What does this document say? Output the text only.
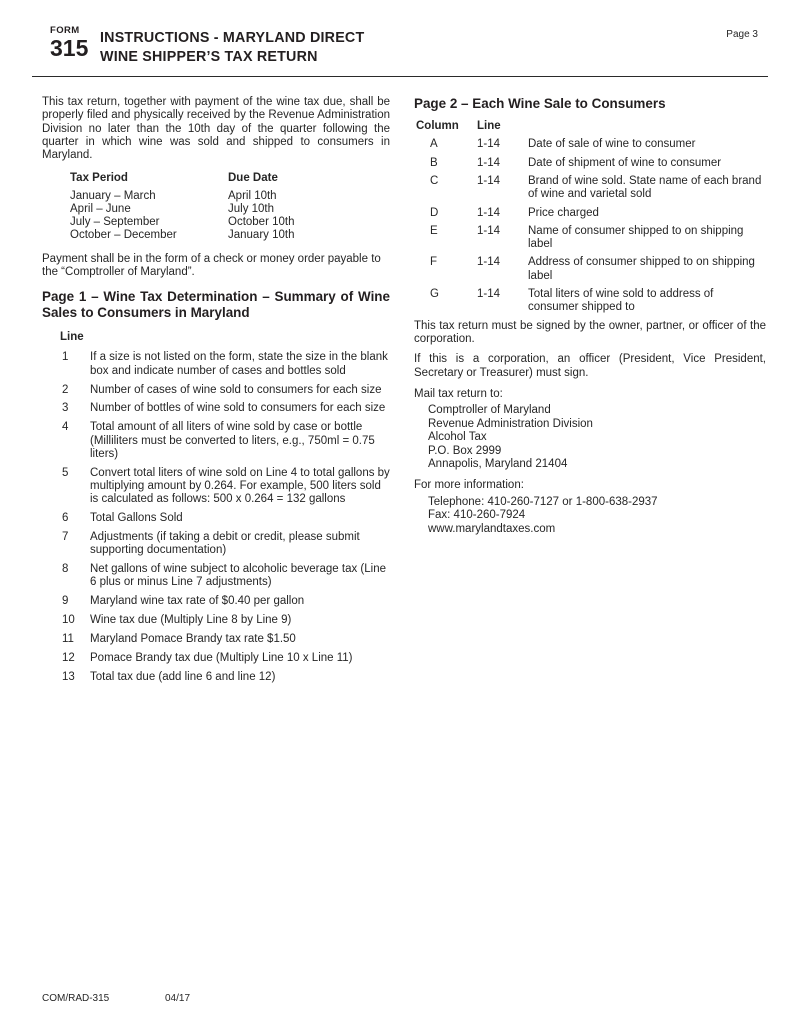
FORM
315 INSTRUCTIONS - MARYLAND DIRECT
WINE SHIPPER’S TAX RETURN
Page 3

This tax return, together with payment of the wine tax due, shall be properly filed and physically received by the Revenue Administration Division no later than the 10th day of the quarter following the quarter in which wine was sold and shipped to consumers in Maryland.

Tax Period	Due Date
January – March	April 10th
April – June	July 10th
July – September	October 10th
October – December	January 10th

Payment shall be in the form of a check or money order payable to the “Comptroller of Maryland”.

Page 1 – Wine Tax Determination – Summary of Wine Sales to Consumers in Maryland
Line
1	If a size is not listed on the form, state the size in the blank box and indicate number of cases and bottles sold
2	Number of cases of wine sold to consumers for each size
3	Number of bottles of wine sold to consumers for each size
4	Total amount of all liters of wine sold by case or bottle (Milliliters must be converted to liters, e.g., 750ml = 0.75 liters)
5	Convert total liters of wine sold on Line 4 to total gallons by multiplying amount by 0.264. For example, 500 liters sold is calculated as follows: 500 x 0.264 = 132 gallons
6	Total Gallons Sold
7	Adjustments (if taking a debit or credit, please submit supporting documentation)
8	Net gallons of wine subject to alcoholic beverage tax (Line 6 plus or minus Line 7 adjustments)
9	Maryland wine tax rate of $0.40 per gallon
10	Wine tax due (Multiply Line 8 by Line 9)
11	Maryland Pomace Brandy tax rate $1.50
12	Pomace Brandy tax due (Multiply Line 10 x Line 11)
13	Total tax due (add line 6 and line 12)
Page 2 – Each Wine Sale to Consumers
Column	Line
A	1-14	Date of sale of wine to consumer
B	1-14	Date of shipment of wine to consumer
C	1-14	Brand of wine sold. State name of each brand of wine and varietal sold
D	1-14	Price charged
E	1-14	Name of consumer shipped to on shipping label
F	1-14	Address of consumer shipped to on shipping label
G	1-14	Total liters of wine sold to address of consumer shipped to

This tax return must be signed by the owner, partner, or officer of the corporation.

If this is a corporation, an officer (President, Vice President, Secretary or Treasurer) must sign.

Mail tax return to:

Comptroller of Maryland
Revenue Administration Division
Alcohol Tax
P.O. Box 2999
Annapolis, Maryland 21404

For more information:

Telephone: 410-260-7127 or 1-800-638-2937
Fax: 410-260-7924
www.marylandtaxes.com
COM/RAD-315	04/17
